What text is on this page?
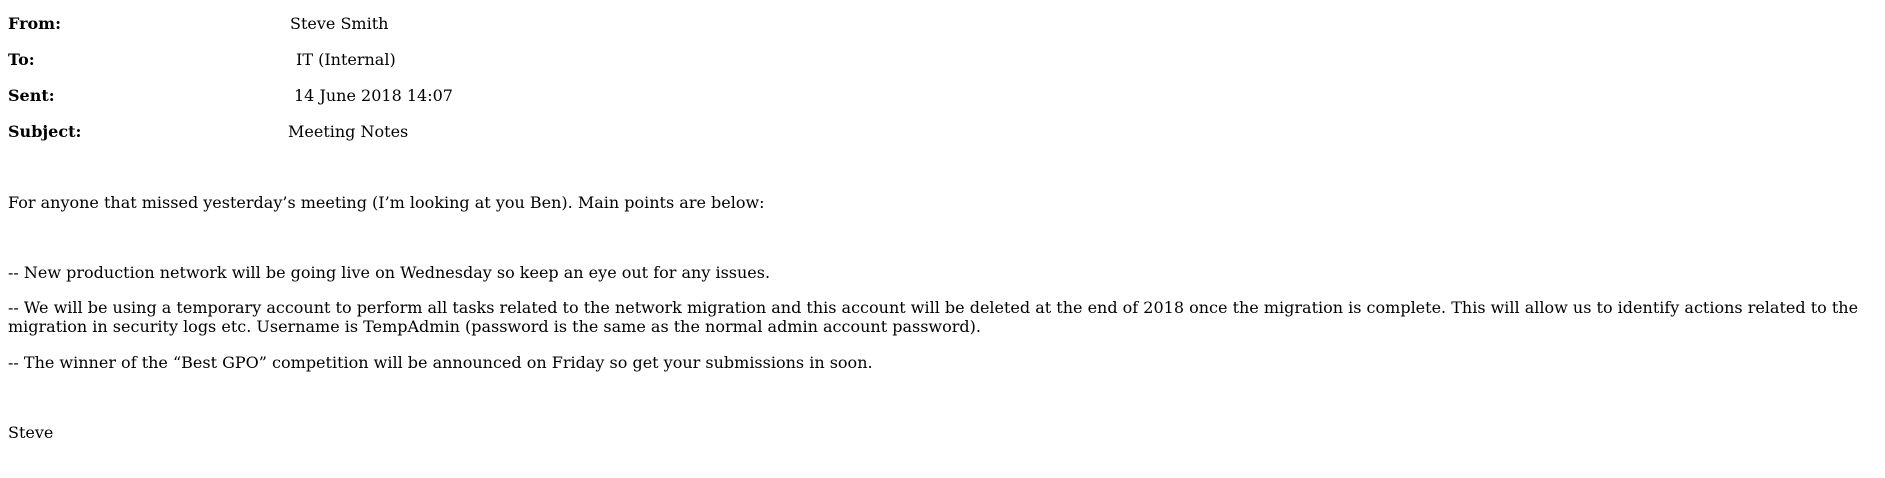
From:	Steve Smith
To:	IT (Internal)
Sent:	14 June 2018 14:07
Subject:	Meeting Notes

For anyone that missed yesterday’s meeting (I’m looking at you Ben). Main points are below:

-- New production network will be going live on Wednesday so keep an eye out for any issues.

-- We will be using a temporary account to perform all tasks related to the network migration and this account will be deleted at the end of 2018 once the migration is complete. This will allow us to identify actions related to the migration in security logs etc. Username is TempAdmin (password is the same as the normal admin account password).

-- The winner of the “Best GPO” competition will be announced on Friday so get your submissions in soon.

Steve
